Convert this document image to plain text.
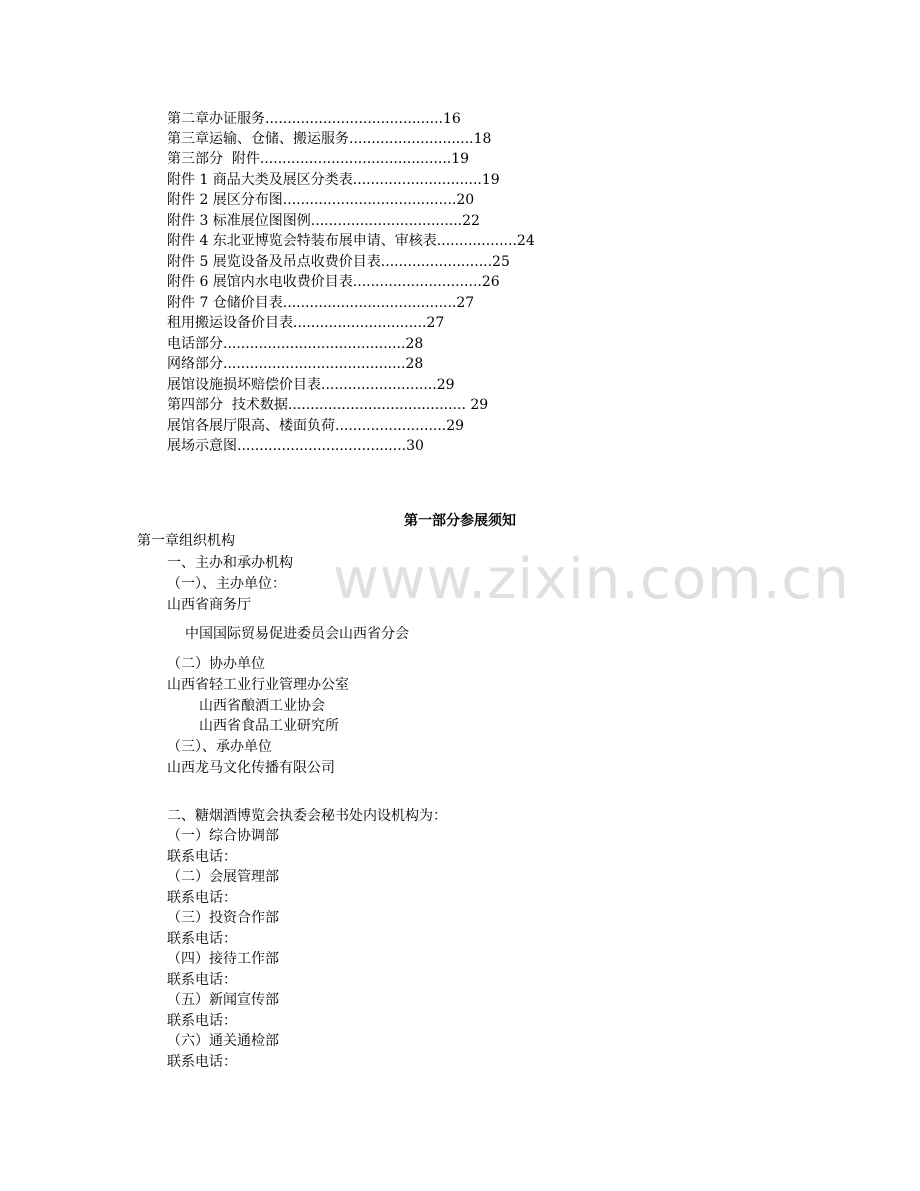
第二章办证服务........................................16
第三章运输、仓储、搬运服务............................18
第三部分  附件...........................................19
附件 1 商品大类及展区分类表.............................19
附件 2 展区分布图.......................................20
附件 3 标准展位图图例..................................22
附件 4 东北亚博览会特装布展申请、审核表..................24
附件 5 展览设备及吊点收费价目表.........................25
附件 6 展馆内水电收费价目表.............................26
附件 7 仓储价目表.......................................27
租用搬运设备价目表..............................27
电话部分.........................................28
网络部分.........................................28
展馆设施损坏赔偿价目表..........................29
第四部分  技术数据........................................ 29
展馆各展厅限高、楼面负荷.........................29
展场示意图......................................30
第一部分参展须知
www.zixin.com.cn
第一章组织机构
一、主办和承办机构
（一）、主办单位：
山西省商务厅
中国国际贸易促进委员会山西省分会
（二）协办单位
山西省轻工业行业管理办公室
山西省酿酒工业协会
山西省食品工业研究所
（三）、承办单位
山西龙马文化传播有限公司
二、糖烟酒博览会执委会秘书处内设机构为：
（一）综合协调部
联系电话：
（二）会展管理部
联系电话：
（三）投资合作部
联系电话：
（四）接待工作部
联系电话：
（五）新闻宣传部
联系电话：
（六）通关通检部
联系电话：
